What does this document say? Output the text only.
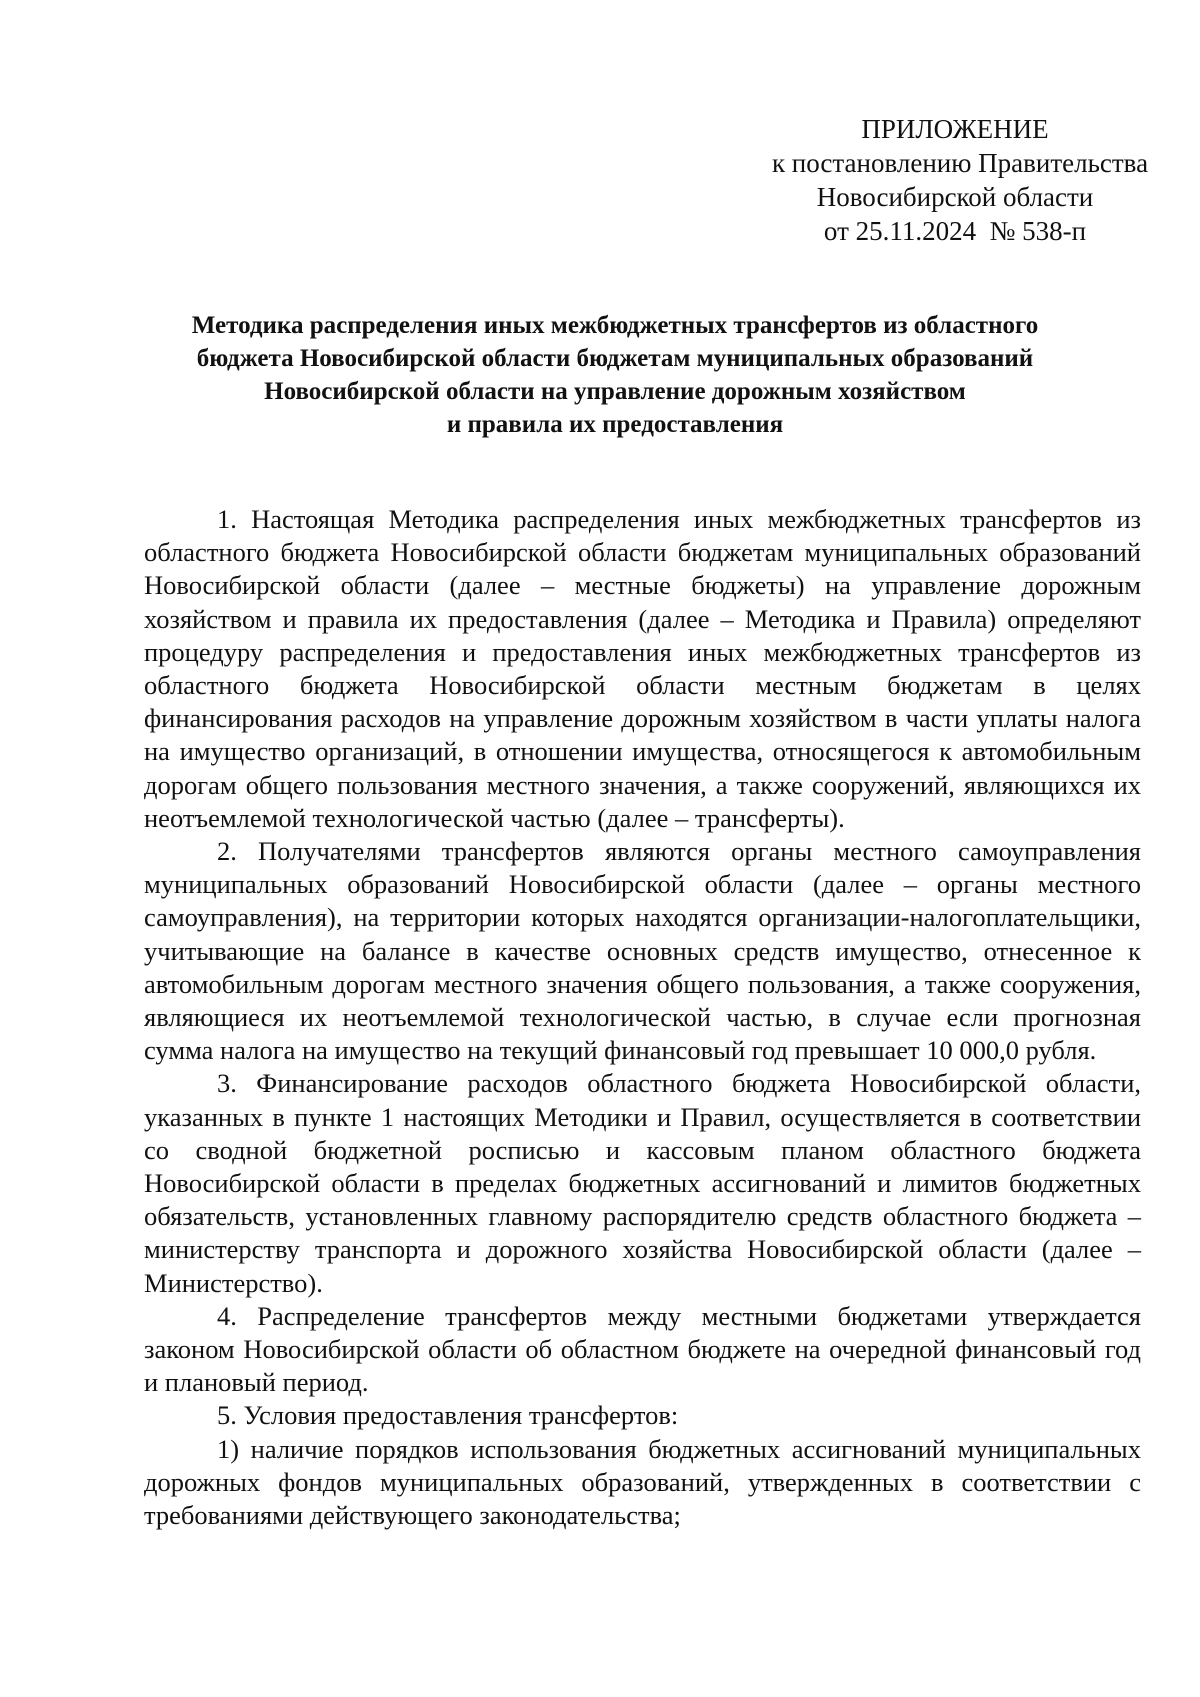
ПРИЛОЖЕНИЕ
к постановлению Правительства
Новосибирской области
от 25.11.2024  № 538-п
Методика распределения иных межбюджетных трансфертов из областного
бюджета Новосибирской области бюджетам муниципальных образований
Новосибирской области на управление дорожным хозяйством
и правила их предоставления

1. Настоящая Методика распределения иных межбюджетных трансфертов из областного бюджета Новосибирской области бюджетам муниципальных образований Новосибирской области (далее – местные бюджеты) на управление дорожным хозяйством и правила их предоставления (далее – Методика и Правила) определяют процедуру распределения и предоставления иных межбюджетных трансфертов из областного бюджета Новосибирской области местным бюджетам в целях финансирования расходов на управление дорожным хозяйством в части уплаты налога на имущество организаций, в отношении имущества, относящегося к автомобильным дорогам общего пользования местного значения, а также сооружений, являющихся их неотъемлемой технологической частью (далее – трансферты).

2. Получателями трансфертов являются органы местного самоуправления муниципальных образований Новосибирской области (далее – органы местного самоуправления), на территории которых находятся организации-налогоплательщики, учитывающие на балансе в качестве основных средств имущество, отнесенное к автомобильным дорогам местного значения общего пользования, а также сооружения, являющиеся их неотъемлемой технологической частью, в случае если прогнозная сумма налога на имущество на текущий финансовый год превышает 10 000,0 рубля.

3. Финансирование расходов областного бюджета Новосибирской области, указанных в пункте 1 настоящих Методики и Правил, осуществляется в соответствии со сводной бюджетной росписью и кассовым планом областного бюджета Новосибирской области в пределах бюджетных ассигнований и лимитов бюджетных обязательств, установленных главному распорядителю средств областного бюджета – министерству транспорта и дорожного хозяйства Новосибирской области (далее – Министерство).

4. Распределение трансфертов между местными бюджетами утверждается законом Новосибирской области об областном бюджете на очередной финансовый год и плановый период.

5. Условия предоставления трансфертов:

1) наличие порядков использования бюджетных ассигнований муниципальных дорожных фондов муниципальных образований, утвержденных в соответствии с требованиями действующего законодательства;
